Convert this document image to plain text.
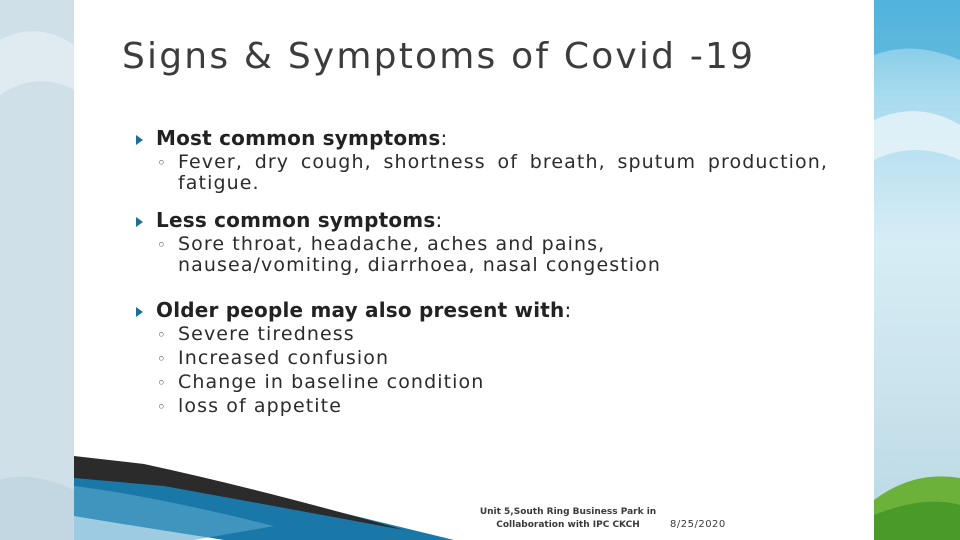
Signs & Symptoms of Covid -19
Most common symptoms:
◦ Fever, dry cough, shortness of breath, sputum production, fatigue.
Less common symptoms:
◦ Sore throat, headache, aches and pains, nausea/vomiting, diarrhoea, nasal congestion
Older people may also present with:
◦ Severe tiredness
◦ Increased confusion
◦ Change in baseline condition
◦ loss of appetite
Unit 5,South Ring Business Park in
Collaboration with IPC CKCH	8/25/2020
